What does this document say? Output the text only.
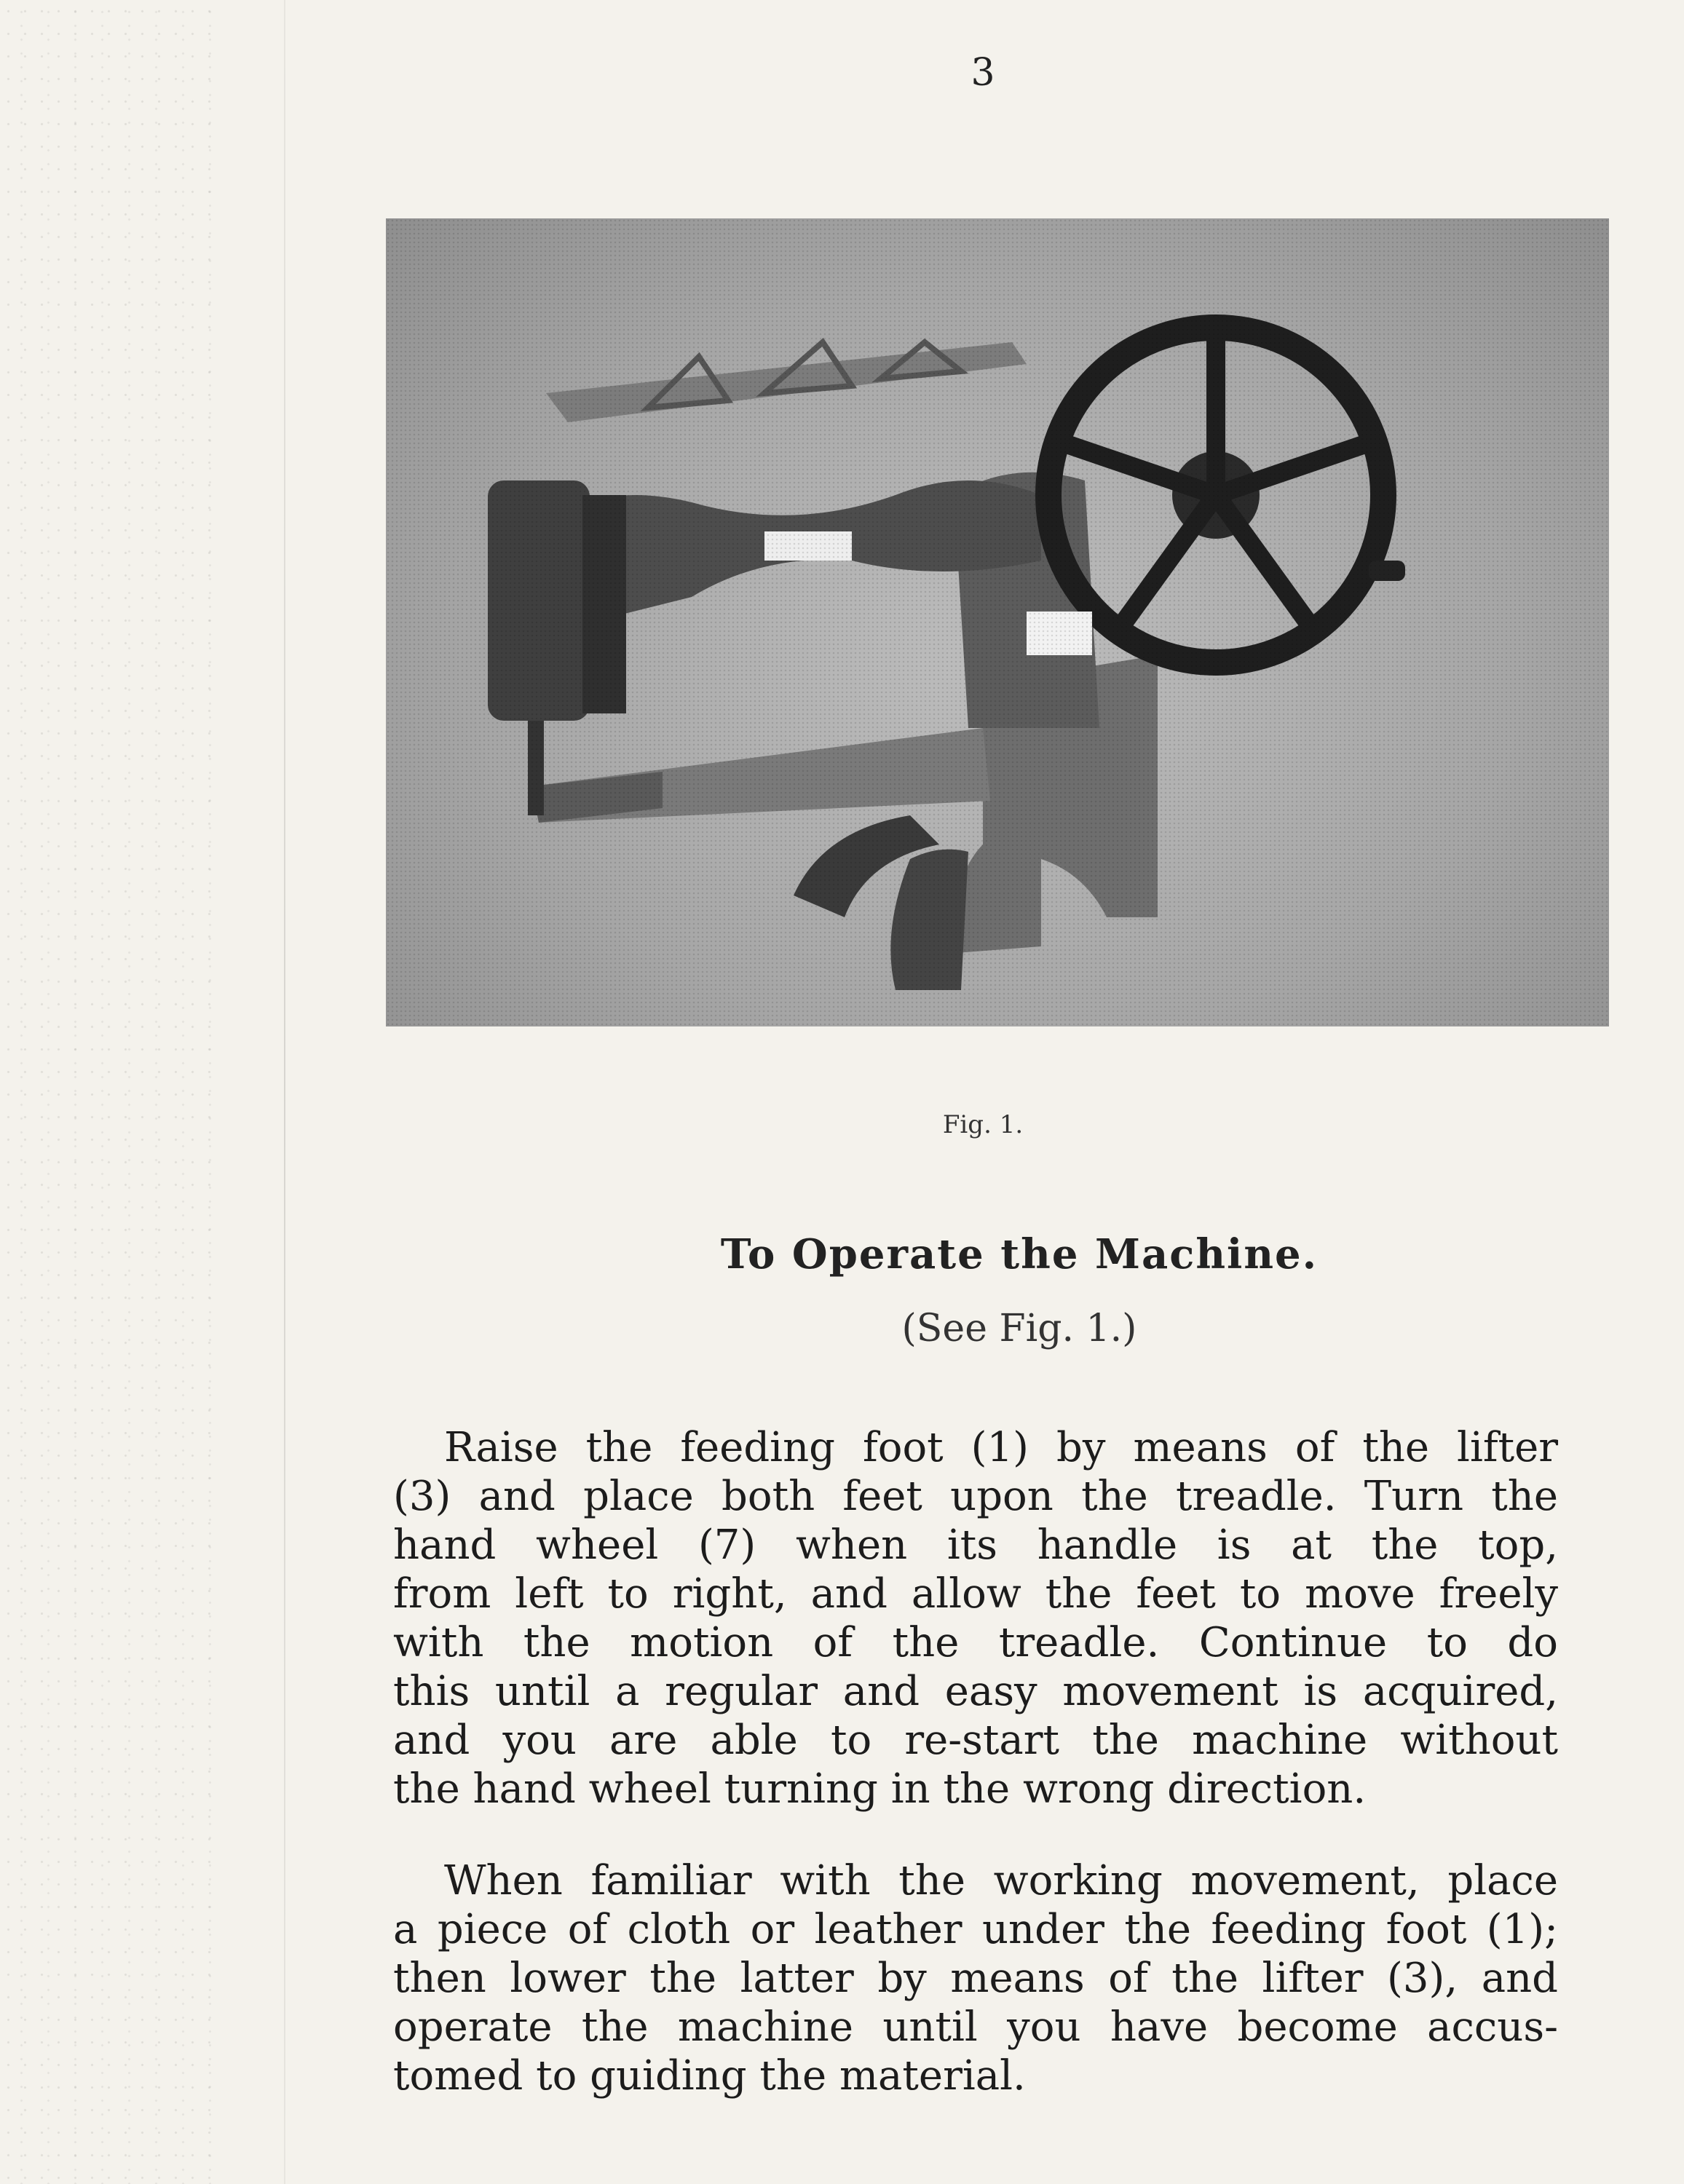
3
Fig. 1.
To Operate the Machine.
(See Fig. 1.)
Raise the feeding foot (1) by means of the lifter
(3) and place both feet upon the treadle. Turn the
hand wheel (7) when its handle is at the top,
from left to right, and allow the feet to move freely
with the motion of the treadle. Continue to do
this until a regular and easy movement is acquired,
and you are able to re-start the machine without
the hand wheel turning in the wrong direction.
When familiar with the working movement, place
a piece of cloth or leather under the feeding foot (1);
then lower the latter by means of the lifter (3), and
operate the machine until you have become accus-
tomed to guiding the material.
